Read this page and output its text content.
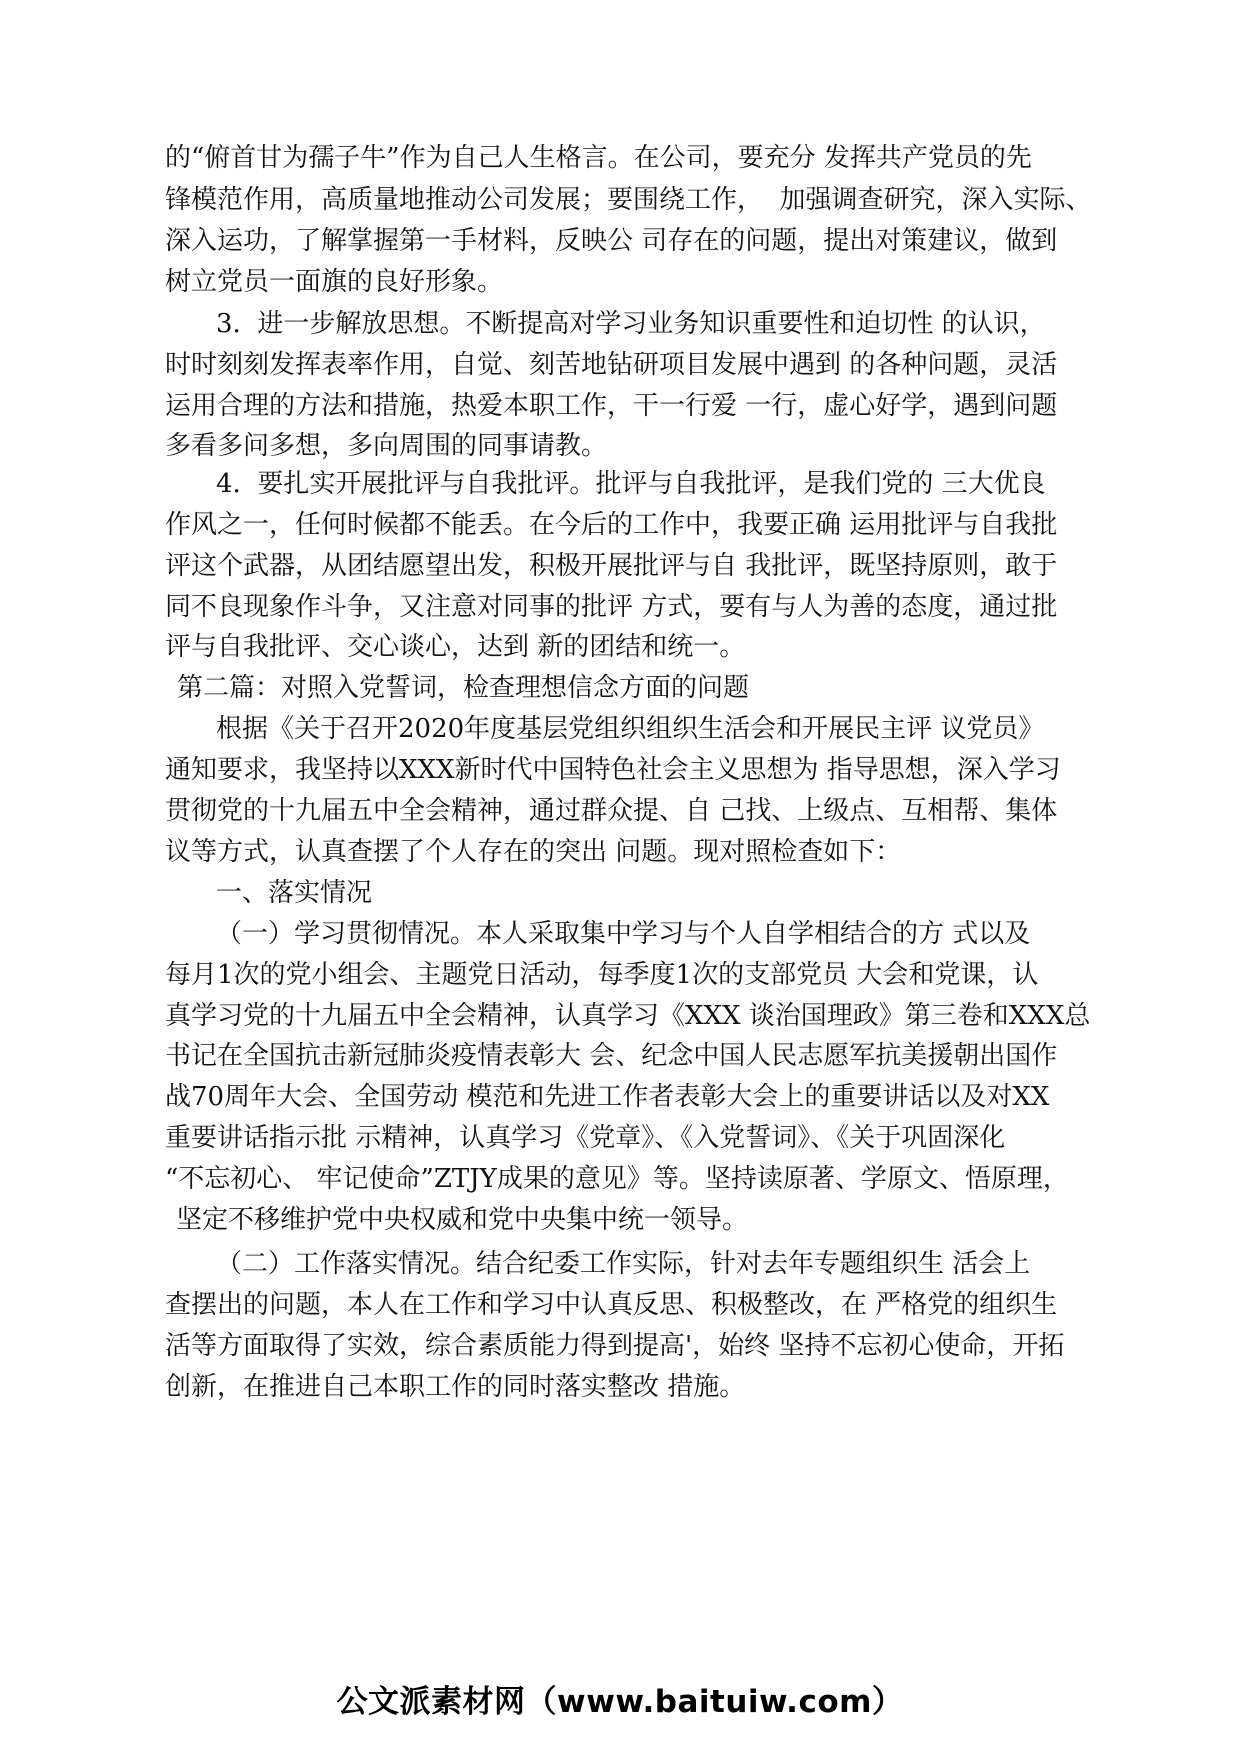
的“俯首甘为孺子牛”作为自己人生格言。在公司，要充分 发挥共产党员的先

锋模范作用，高质量地推动公司发展；要围绕工作，  加强调查研究，深入实际、

深入运功，了解掌握第一手材料，反映公 司存在的问题，提出对策建议，做到

树立党员一面旗的良好形象。

3.  进一步解放思想。不断提高对学习业务知识重要性和迫切性 的认识，

时时刻刻发挥表率作用，自觉、刻苦地钻研项目发展中遇到 的各种问题，灵活

运用合理的方法和措施，热爱本职工作，干一行爱 一行，虚心好学，遇到问题

多看多问多想，多向周围的同事请教。

4.  要扎实开展批评与自我批评。批评与自我批评，是我们党的 三大优良

作风之一，任何时候都不能丢。在今后的工作中，我要正确 运用批评与自我批

评这个武器，从团结愿望出发，积极开展批评与自 我批评，既坚持原则，敢于

同不良现象作斗争，又注意对同事的批评 方式，要有与人为善的态度，通过批

评与自我批评、交心谈心，达到 新的团结和统一。

第二篇：对照入党誓词，检查理想信念方面的问题

根据《关于召开2020年度基层党组织组织生活会和开展民主评 议党员》

通知要求，我坚持以XXX新时代中国特色社会主义思想为 指导思想，深入学习

贯彻党的十九届五中全会精神，通过群众提、自 己找、上级点、互相帮、集体

议等方式，认真查摆了个人存在的突出 问题。现对照检查如下：

一、落实情况

（一）学习贯彻情况。本人采取集中学习与个人自学相结合的方 式以及

每月1次的党小组会、主题党日活动，每季度1次的支部党员 大会和党课，认

真学习党的十九届五中全会精神，认真学习《XXX 谈治国理政》第三卷和XXX总

书记在全国抗击新冠肺炎疫情表彰大 会、纪念中国人民志愿军抗美援朝出国作

战70周年大会、全国劳动 模范和先进工作者表彰大会上的重要讲话以及对XX

重要讲话指示批 示精神，认真学习《党章》、《入党誓词》、《关于巩固深化

“不忘初心、 牢记使命”ZTJY成果的意见》等。坚持读原著、学原文、悟原理，

坚定不移维护党中央权威和党中央集中统一领导。

（二）工作落实情况。结合纪委工作实际，针对去年专题组织生 活会上

查摆出的问题，本人在工作和学习中认真反思、积极整改，在 严格党的组织生

活等方面取得了实效，综合素质能力得到提高'，始终 坚持不忘初心使命，开拓

创新，在推进自己本职工作的同时落实整改 措施。

公文派素材网（www.baituiw.com）
